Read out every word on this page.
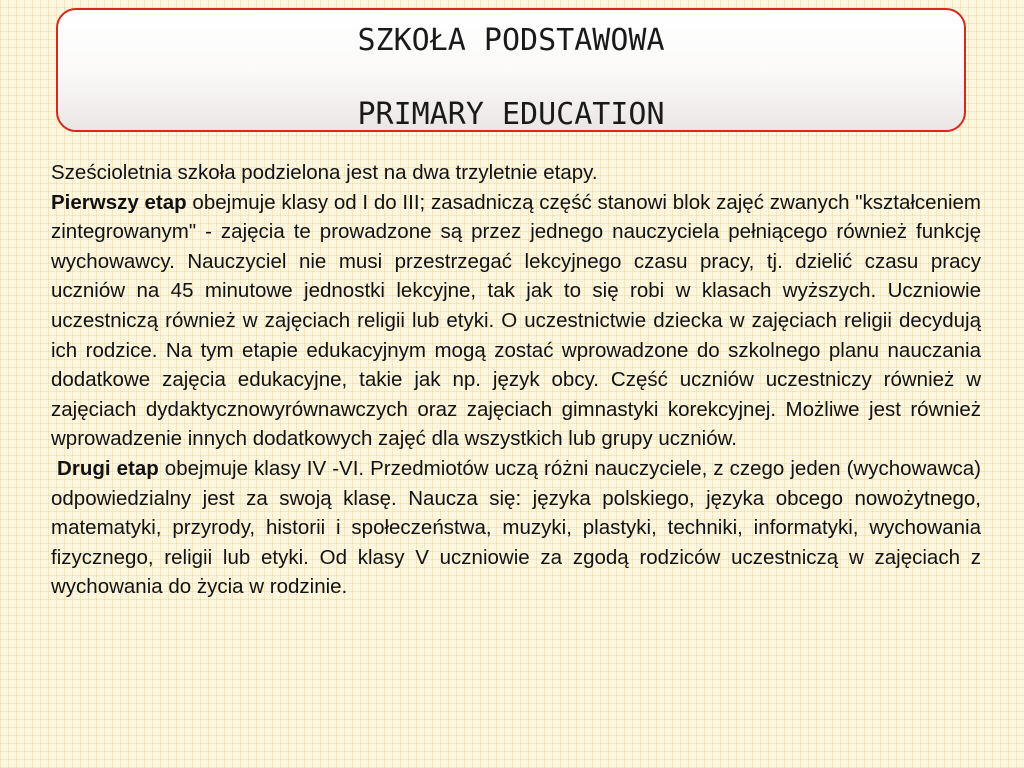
SZKOŁA PODSTAWOWA
PRIMARY EDUCATION

Sześcioletnia szkoła podzielona jest na dwa trzyletnie etapy.

Pierwszy etap obejmuje klasy od I do III; zasadniczą część stanowi blok zajęć zwanych "kształceniem zintegrowanym" - zajęcia te prowadzone są przez jednego nauczyciela pełniącego również funkcję wychowawcy. Nauczyciel nie musi przestrzegać lekcyjnego czasu pracy, tj. dzielić czasu pracy uczniów na 45 minutowe jednostki lekcyjne, tak jak to się robi w klasach wyższych. Uczniowie uczestniczą również w zajęciach religii lub etyki. O uczestnictwie dziecka w zajęciach religii decydują ich rodzice. Na tym etapie edukacyjnym mogą zostać wprowadzone do szkolnego planu nauczania dodatkowe zajęcia edukacyjne, takie jak np. język obcy. Część uczniów uczestniczy również w zajęciach dydaktycznowyrównawczych oraz zajęciach gimnastyki korekcyjnej. Możliwe jest również wprowadzenie innych dodatkowych zajęć dla wszystkich lub grupy uczniów.

Drugi etap obejmuje klasy IV -VI. Przedmiotów uczą różni nauczyciele, z czego jeden (wychowawca) odpowiedzialny jest za swoją klasę. Naucza się: języka polskiego, języka obcego nowożytnego, matematyki, przyrody, historii i społeczeństwa, muzyki, plastyki, techniki, informatyki, wychowania fizycznego, religii lub etyki. Od klasy V uczniowie za zgodą rodziców uczestniczą w zajęciach z wychowania do życia w rodzinie.
